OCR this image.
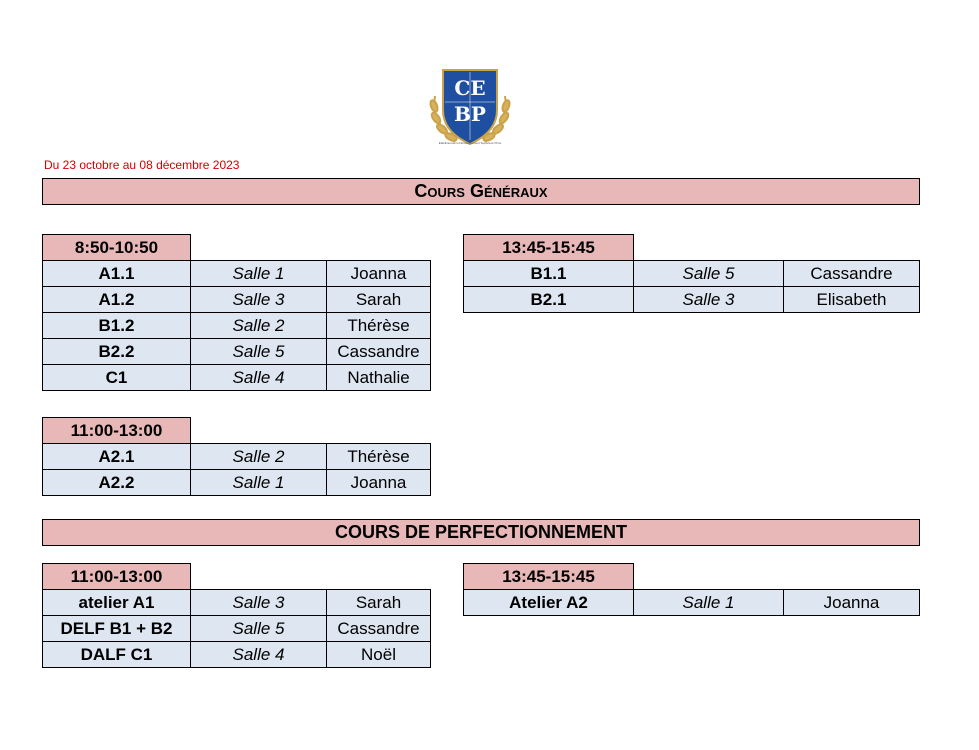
CE
BP
Etablissement d'Enseignement Supérieur Privé
Du 23 octobre au 08 décembre 2023
Cours Généraux
8:50-10:50
A1.1	Salle 1	Joanna
A1.2	Salle 3	Sarah
B1.2	Salle 2	Thérèse
B2.2	Salle 5	Cassandre
C1	Salle 4	Nathalie
13:45-15:45
B1.1	Salle 5	Cassandre
B2.1	Salle 3	Elisabeth
11:00-13:00
A2.1	Salle 2	Thérèse
A2.2	Salle 1	Joanna
COURS DE PERFECTIONNEMENT
11:00-13:00
atelier A1	Salle 3	Sarah
DELF B1 + B2	Salle 5	Cassandre
DALF C1	Salle 4	Noël
13:45-15:45
Atelier A2	Salle 1	Joanna
